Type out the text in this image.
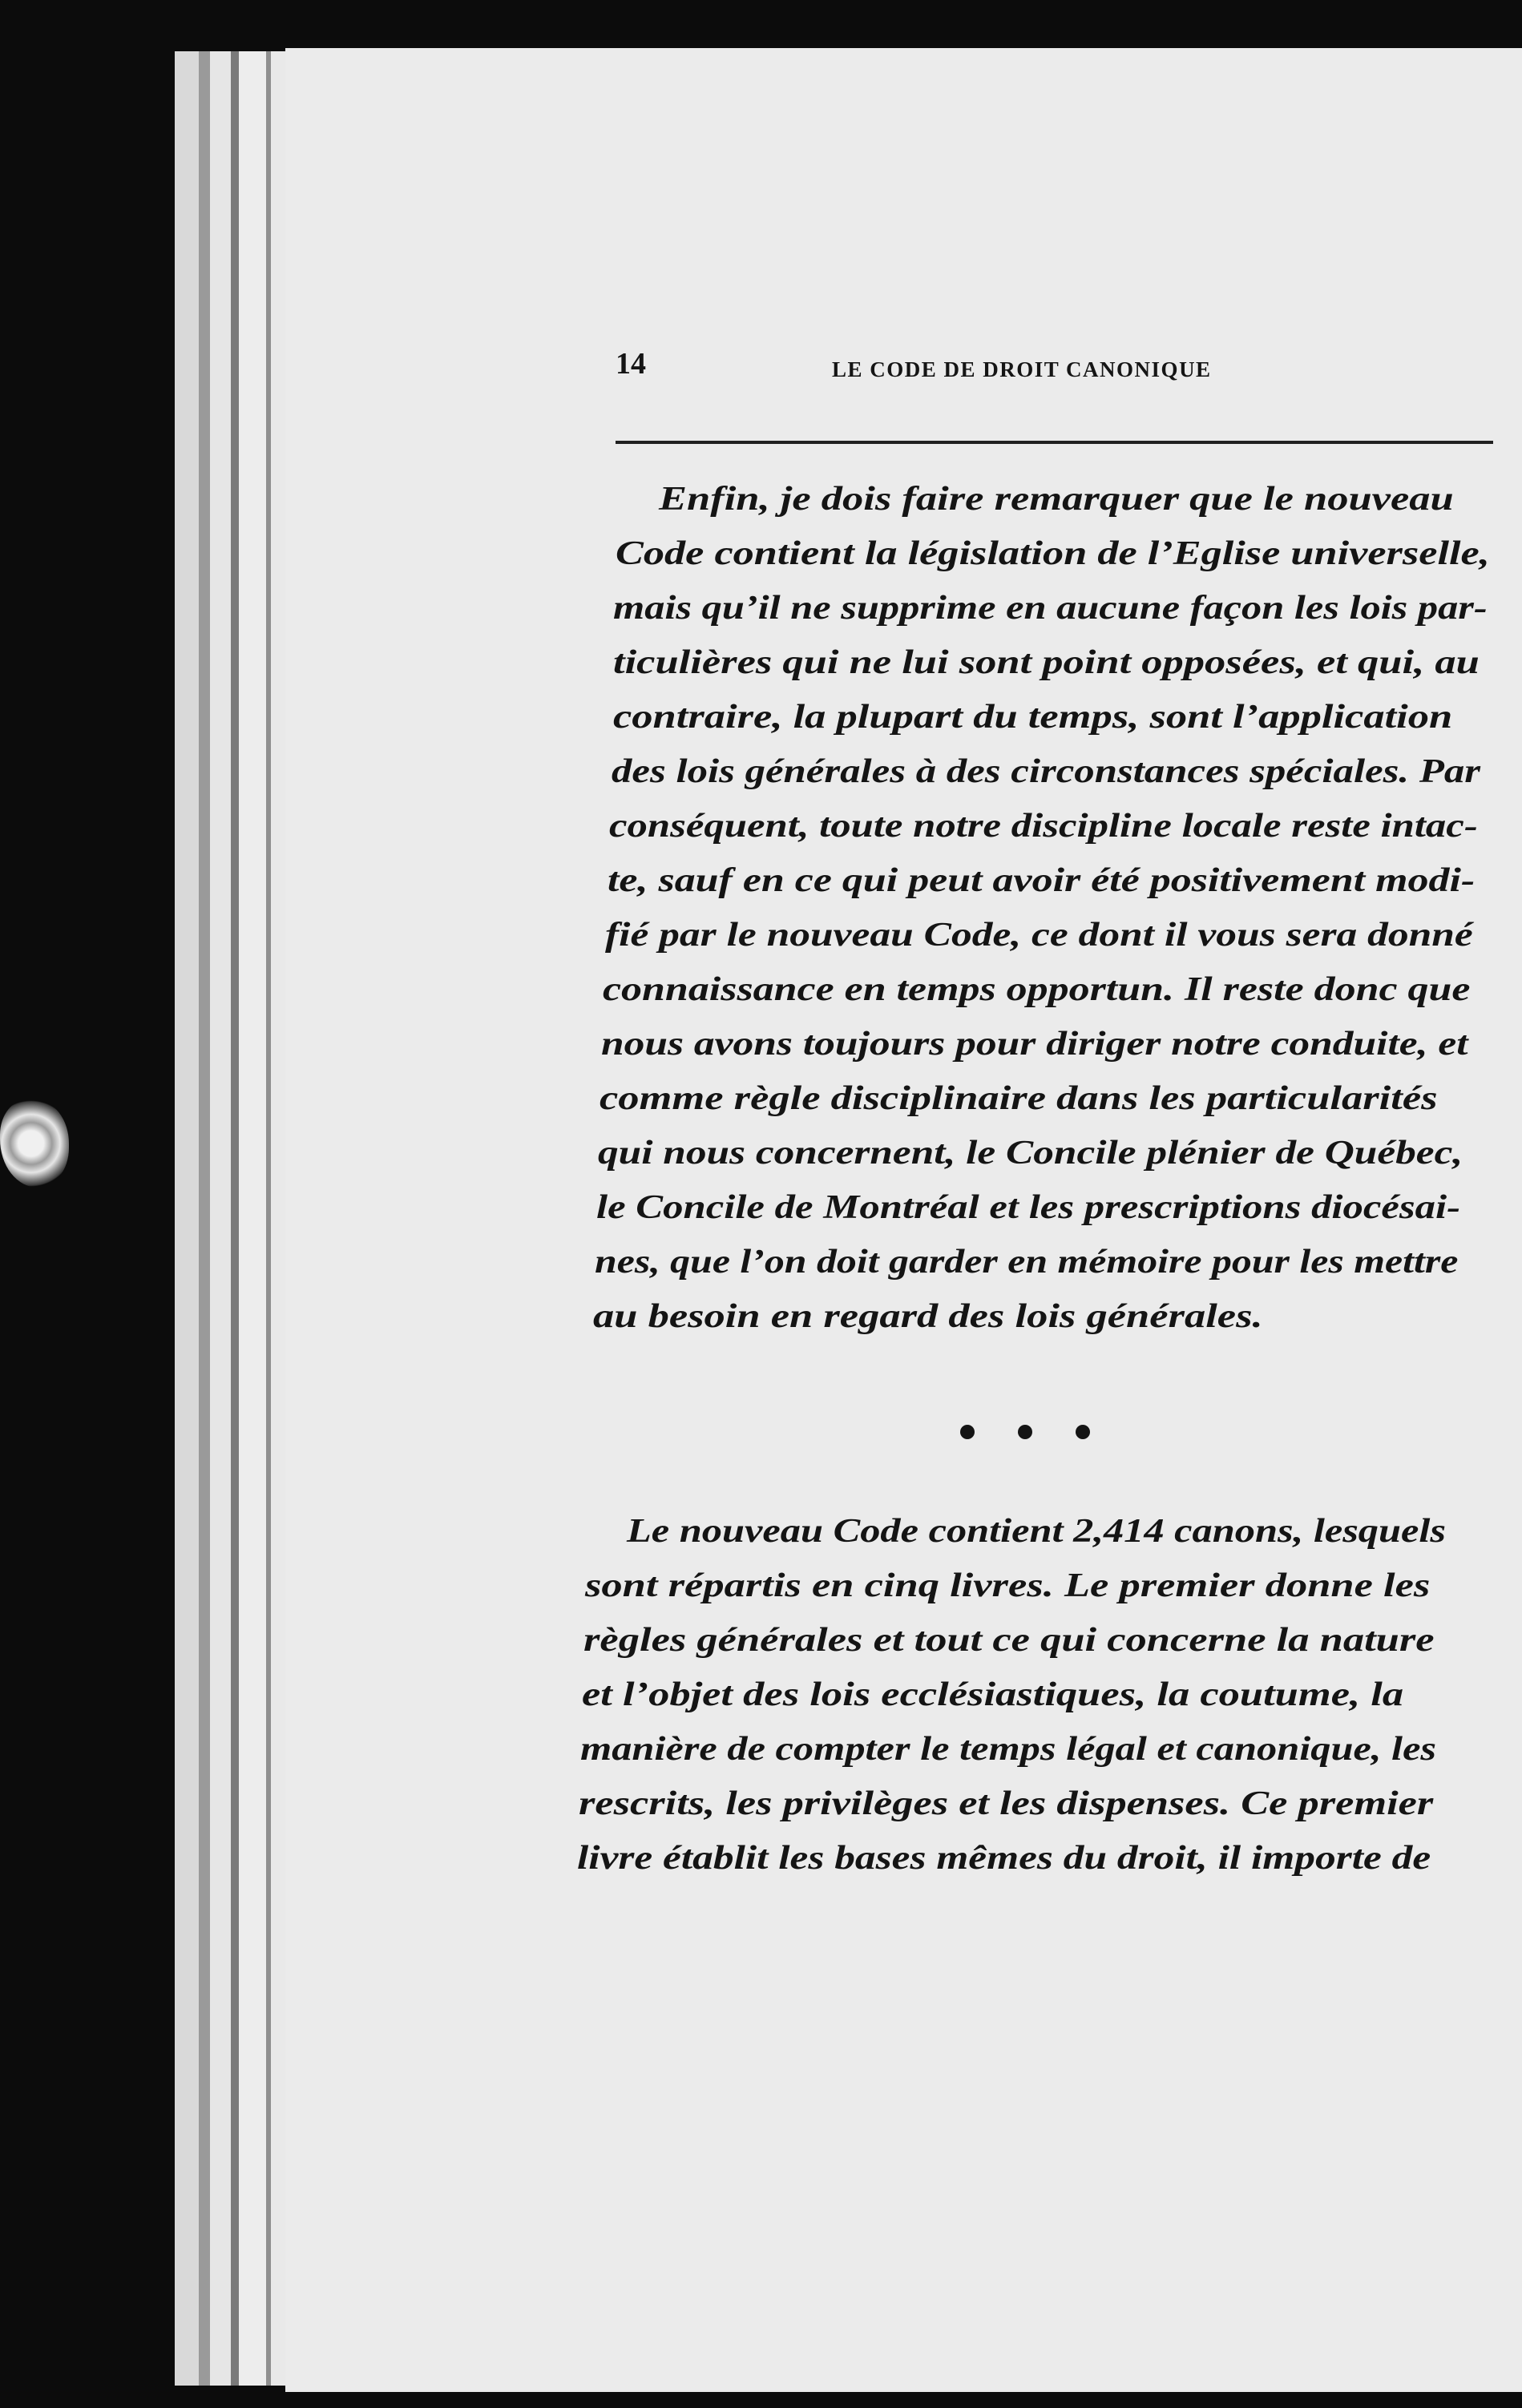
14	LE CODE DE DROIT CANONIQUE
Enfin, je dois faire remarquer que le nouveau
Code contient la législation de l’Eglise universelle,
mais qu’il ne supprime en aucune façon les lois par-
ticulières qui ne lui sont point opposées, et qui, au
contraire, la plupart du temps, sont l’application
des lois générales à des circonstances spéciales. Par
conséquent, toute notre discipline locale reste intac-
te, sauf en ce qui peut avoir été positivement modi-
fié par le nouveau Code, ce dont il vous sera donné
connaissance en temps opportun. Il reste donc que
nous avons toujours pour diriger notre conduite, et
comme règle disciplinaire dans les particularités
qui nous concernent, le Concile plénier de Québec,
le Concile de Montréal et les prescriptions diocésai-
nes, que l’on doit garder en mémoire pour les mettre
au besoin en regard des lois générales.
Le nouveau Code contient 2,414 canons, lesquels
sont répartis en cinq livres. Le premier donne les
règles générales et tout ce qui concerne la nature
et l’objet des lois ecclésiastiques, la coutume, la
manière de compter le temps légal et canonique, les
rescrits, les privilèges et les dispenses. Ce premier
livre établit les bases mêmes du droit, il importe de
